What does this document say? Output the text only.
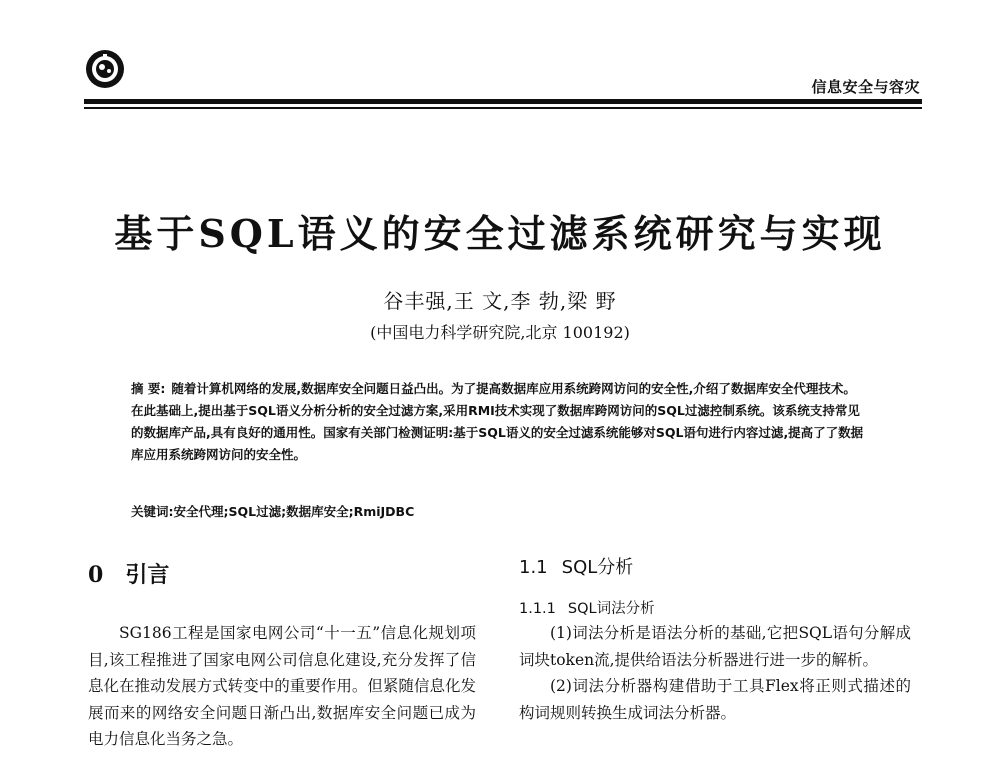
信息安全与容灾
基于SQL语义的安全过滤系统研究与实现
谷丰强,王 文,李 勃,梁 野
(中国电力科学研究院,北京 100192)
摘 要: 随着计算机网络的发展,数据库安全问题日益凸出。为了提高数据库应用系统跨网访问的安全性,介绍了数据库安全代理技术。在此基础上,提出基于SQL语义分析分析的安全过滤方案,采用RMI技术实现了数据库跨网访问的SQL过滤控制系统。该系统支持常见的数据库产品,具有良好的通用性。国家有关部门检测证明:基于SQL语义的安全过滤系统能够对SQL语句进行内容过滤,提高了了数据库应用系统跨网访问的安全性。
关键词:安全代理;SQL过滤;数据库安全;RmiJDBC
0 引言

SG186工程是国家电网公司“十一五”信息化规划项目,该工程推进了国家电网公司信息化建设,充分发挥了信息化在推动发展方式转变中的重要作用。但紧随信息化发展而来的网络安全问题日渐凸出,数据库安全问题已成为电力信息化当务之急。

1.1 SQL分析
1.1.1 SQL词法分析

(1)词法分析是语法分析的基础,它把SQL语句分解成词块token流,提供给语法分析器进行进一步的解析。

(2)词法分析器构建借助于工具Flex将正则式描述的构词规则转换生成词法分析器。
